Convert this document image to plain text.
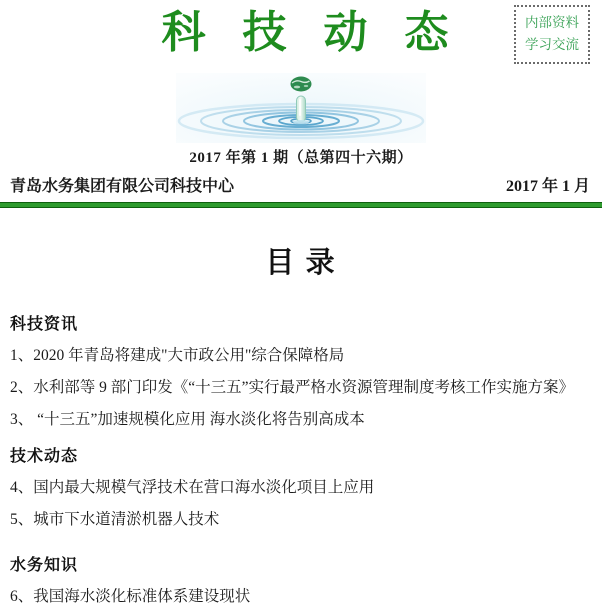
科 技 动 态	内部资料
学习交流
2017 年第 1 期（总第四十六期）
青岛水务集团有限公司科技中心	2017 年 1 月
目 录
科技资讯

1、2020 年青岛将建成"大市政公用"综合保障格局

2、水利部等 9 部门印发《“十三五”实行最严格水资源管理制度考核工作实施方案》

3、 “十三五”加速规模化应用 海水淡化将告别高成本

技术动态

4、国内最大规模气浮技术在营口海水淡化项目上应用

5、城市下水道清淤机器人技术

水务知识

6、我国海水淡化标准体系建设现状
